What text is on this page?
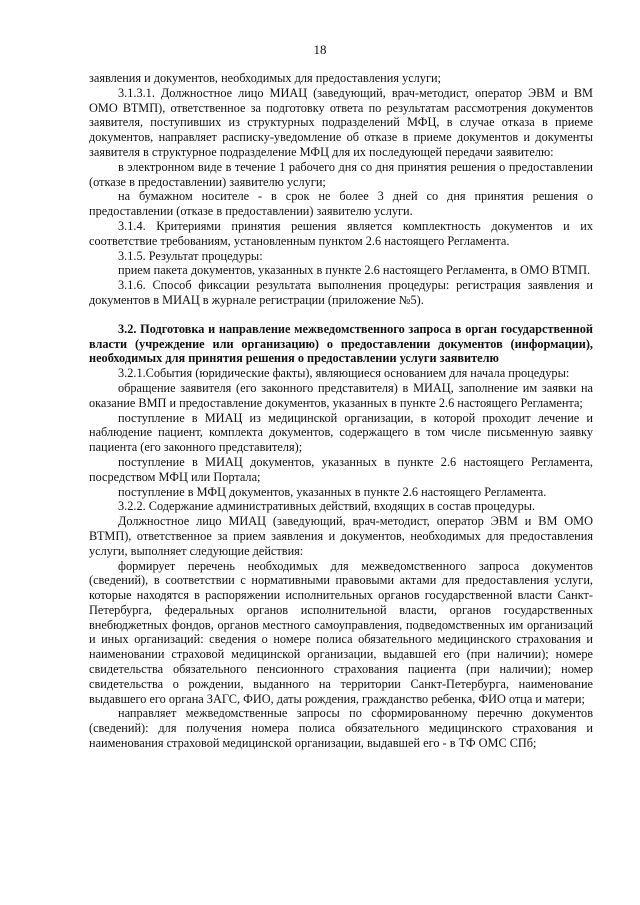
18

заявления и документов, необходимых для предоставления услуги;

3.1.3.1. Должностное лицо МИАЦ (заведующий, врач-методист, оператор ЭВМ и ВМ ОМО ВТМП), ответственное за подготовку ответа по результатам рассмотрения документов заявителя, поступивших из структурных подразделений МФЦ, в случае отказа в приеме документов, направляет расписку-уведомление об отказе в приеме документов и документы заявителя в структурное подразделение МФЦ для их последующей передачи заявителю:

в электронном виде в течение 1 рабочего дня со дня принятия решения о предоставлении (отказе в предоставлении) заявителю услуги;

на бумажном носителе - в срок не более 3 дней со дня принятия решения о предоставлении (отказе в предоставлении) заявителю услуги.

3.1.4. Критериями принятия решения является комплектность документов и их соответствие требованиям, установленным пунктом 2.6 настоящего Регламента.

3.1.5. Результат процедуры:

прием пакета документов, указанных в пункте 2.6 настоящего Регламента, в ОМО ВТМП.

3.1.6. Способ фиксации результата выполнения процедуры: регистрация заявления и документов в МИАЦ в журнале регистрации (приложение №5).

3.2. Подготовка и направление межведомственного запроса в орган государственной власти (учреждение или организацию) о предоставлении документов (информации), необходимых для принятия решения о предоставлении услуги заявителю

3.2.1.События (юридические факты), являющиеся основанием для начала процедуры:

обращение заявителя (его законного представителя) в МИАЦ, заполнение им заявки на оказание ВМП и предоставление документов, указанных в пункте 2.6 настоящего Регламента;

поступление в МИАЦ из медицинской организации, в которой проходит лечение и наблюдение пациент, комплекта документов, содержащего в том числе письменную заявку пациента (его законного представителя);

поступление в МИАЦ документов, указанных в пункте 2.6 настоящего Регламента, посредством МФЦ или Портала;

поступление в МФЦ документов, указанных в пункте 2.6 настоящего Регламента.

3.2.2. Содержание административных действий, входящих в состав процедуры.

Должностное лицо МИАЦ (заведующий, врач-методист, оператор ЭВМ и ВМ ОМО ВТМП), ответственное за прием заявления и документов, необходимых для предоставления услуги, выполняет следующие действия:

формирует перечень необходимых для межведомственного запроса документов (сведений), в соответствии с нормативными правовыми актами для предоставления услуги, которые находятся в распоряжении исполнительных органов государственной власти Санкт-Петербурга, федеральных органов исполнительной власти, органов государственных внебюджетных фондов, органов местного самоуправления, подведомственных им организаций и иных организаций: сведения о номере полиса обязательного медицинского страхования и наименовании страховой медицинской организации, выдавшей его (при наличии); номере свидетельства обязательного пенсионного страхования пациента (при наличии); номер свидетельства о рождении, выданного на территории Санкт-Петербурга, наименование выдавшего его органа ЗАГС, ФИО, даты рождения, гражданство ребенка, ФИО отца и матери;

направляет межведомственные запросы по сформированному перечню документов (сведений): для получения номера полиса обязательного медицинского страхования и наименования страховой медицинской организации, выдавшей его - в ТФ ОМС СПб;
